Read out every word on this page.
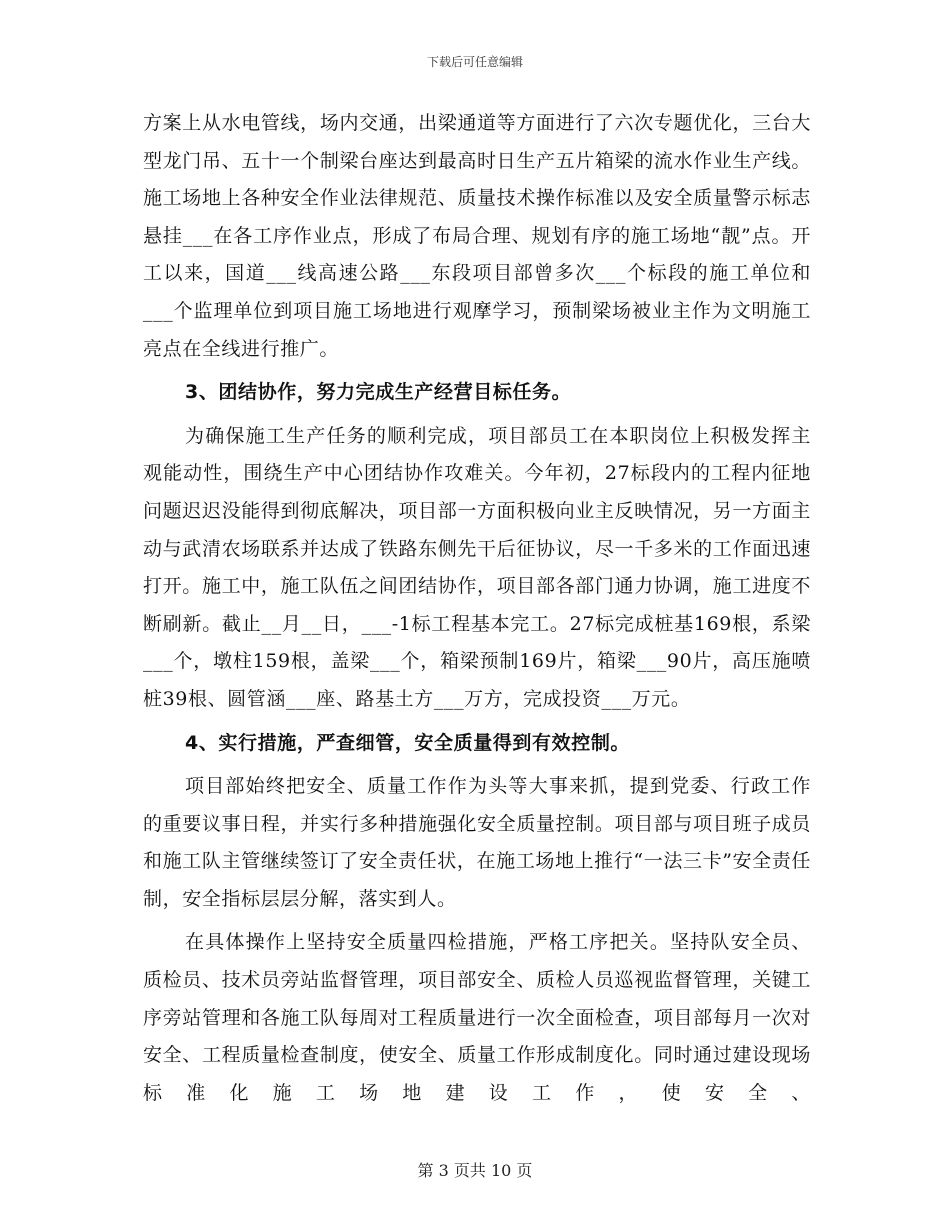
下载后可任意编辑

方案上从水电管线，场内交通，出梁通道等方面进行了六次专题优化，三台大型龙门吊、五十一个制梁台座达到最高时日生产五片箱梁的流水作业生产线。施工场地上各种安全作业法律规范、质量技术操作标准以及安全质量警示标志悬挂___在各工序作业点，形成了布局合理、规划有序的施工场地“靓”点。开工以来，国道___线高速公路___东段项目部曾多次___个标段的施工单位和___个监理单位到项目施工场地进行观摩学习，预制梁场被业主作为文明施工亮点在全线进行推广。

3、团结协作，努力完成生产经营目标任务。

为确保施工生产任务的顺利完成，项目部员工在本职岗位上积极发挥主观能动性，围绕生产中心团结协作攻难关。今年初，27标段内的工程内征地问题迟迟没能得到彻底解决，项目部一方面积极向业主反映情况，另一方面主动与武清农场联系并达成了铁路东侧先干后征协议，尽一千多米的工作面迅速打开。施工中，施工队伍之间团结协作，项目部各部门通力协调，施工进度不断刷新。截止__月__日，___-1标工程基本完工。27标完成桩基169根，系梁___个，墩柱159根，盖梁___个，箱梁预制169片，箱梁___90片，高压施喷桩39根、圆管涵___座、路基土方___万方，完成投资___万元。

4、实行措施，严查细管，安全质量得到有效控制。

项目部始终把安全、质量工作作为头等大事来抓，提到党委、行政工作的重要议事日程，并实行多种措施强化安全质量控制。项目部与项目班子成员和施工队主管继续签订了安全责任状，在施工场地上推行“一法三卡”安全责任制，安全指标层层分解，落实到人。

在具体操作上坚持安全质量四检措施，严格工序把关。坚持队安全员、质检员、技术员旁站监督管理，项目部安全、质检人员巡视监督管理，关键工序旁站管理和各施工队每周对工程质量进行一次全面检查，项目部每月一次对安全、工程质量检查制度，使安全、质量工作形成制度化。同时通过建设现场标准化施工场地建设工作，使安全、

第 3 页共 10 页
